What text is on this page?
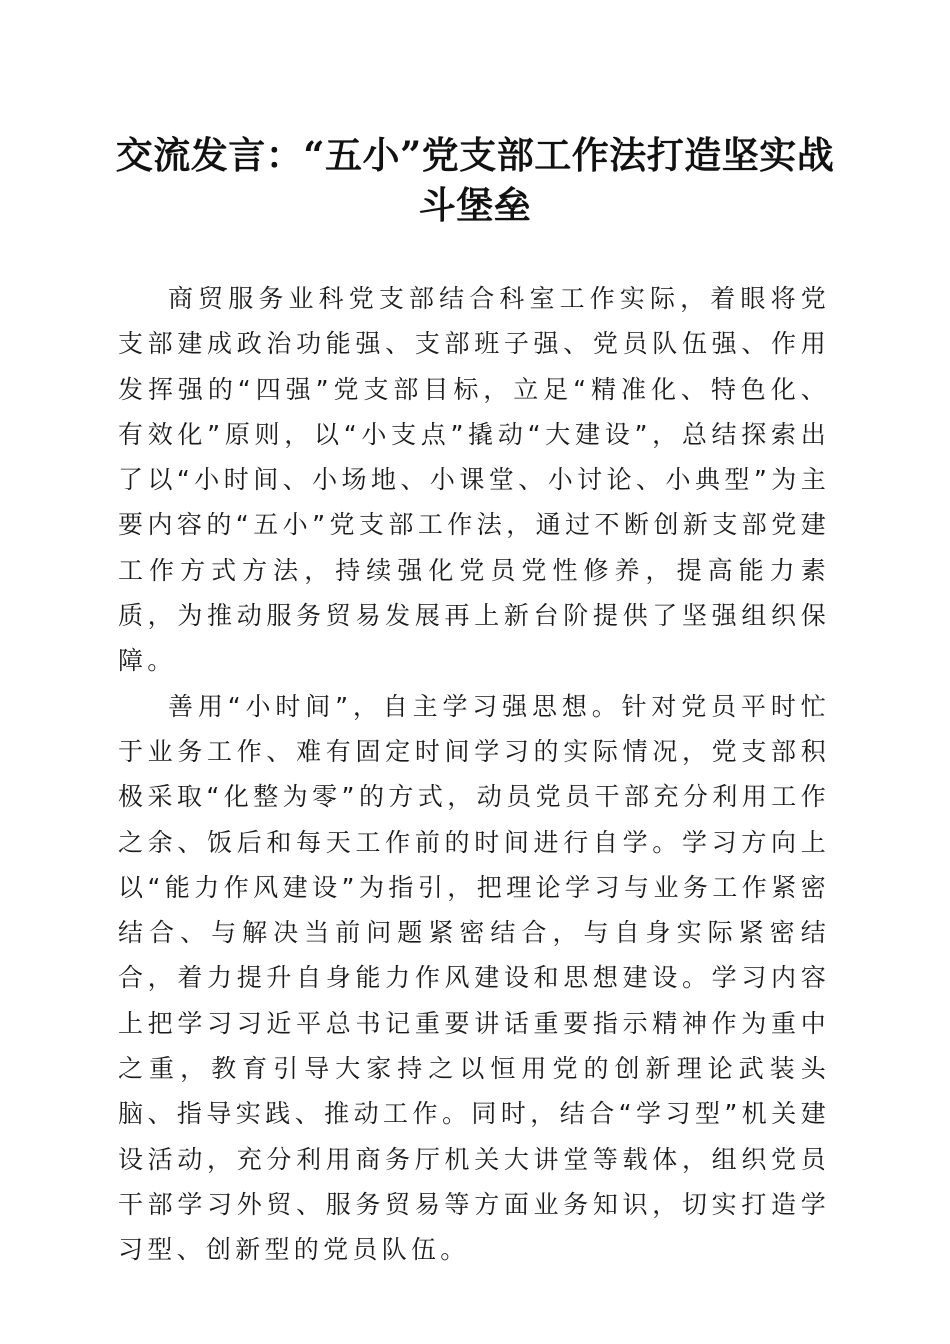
交流发言：“五小”党支部工作法打造坚实战斗堡垒

商贸服务业科党支部结合科室工作实际，着眼将党支部建成政治功能强、支部班子强、党员队伍强、作用发挥强的“四强”党支部目标，立足“精准化、特色化、有效化”原则，以“小支点”撬动“大建设”，总结探索出了以“小时间、小场地、小课堂、小讨论、小典型”为主要内容的“五小”党支部工作法，通过不断创新支部党建工作方式方法，持续强化党员党性修养，提高能力素质，为推动服务贸易发展再上新台阶提供了坚强组织保障。

善用“小时间”，自主学习强思想。针对党员平时忙于业务工作、难有固定时间学习的实际情况，党支部积极采取“化整为零”的方式，动员党员干部充分利用工作之余、饭后和每天工作前的时间进行自学。学习方向上以“能力作风建设”为指引，把理论学习与业务工作紧密结合、与解决当前问题紧密结合，与自身实际紧密结合，着力提升自身能力作风建设和思想建设。学习内容上把学习习近平总书记重要讲话重要指示精神作为重中之重，教育引导大家持之以恒用党的创新理论武装头脑、指导实践、推动工作。同时，结合“学习型”机关建设活动，充分利用商务厅机关大讲堂等载体，组织党员干部学习外贸、服务贸易等方面业务知识，切实打造学习型、创新型的党员队伍。
